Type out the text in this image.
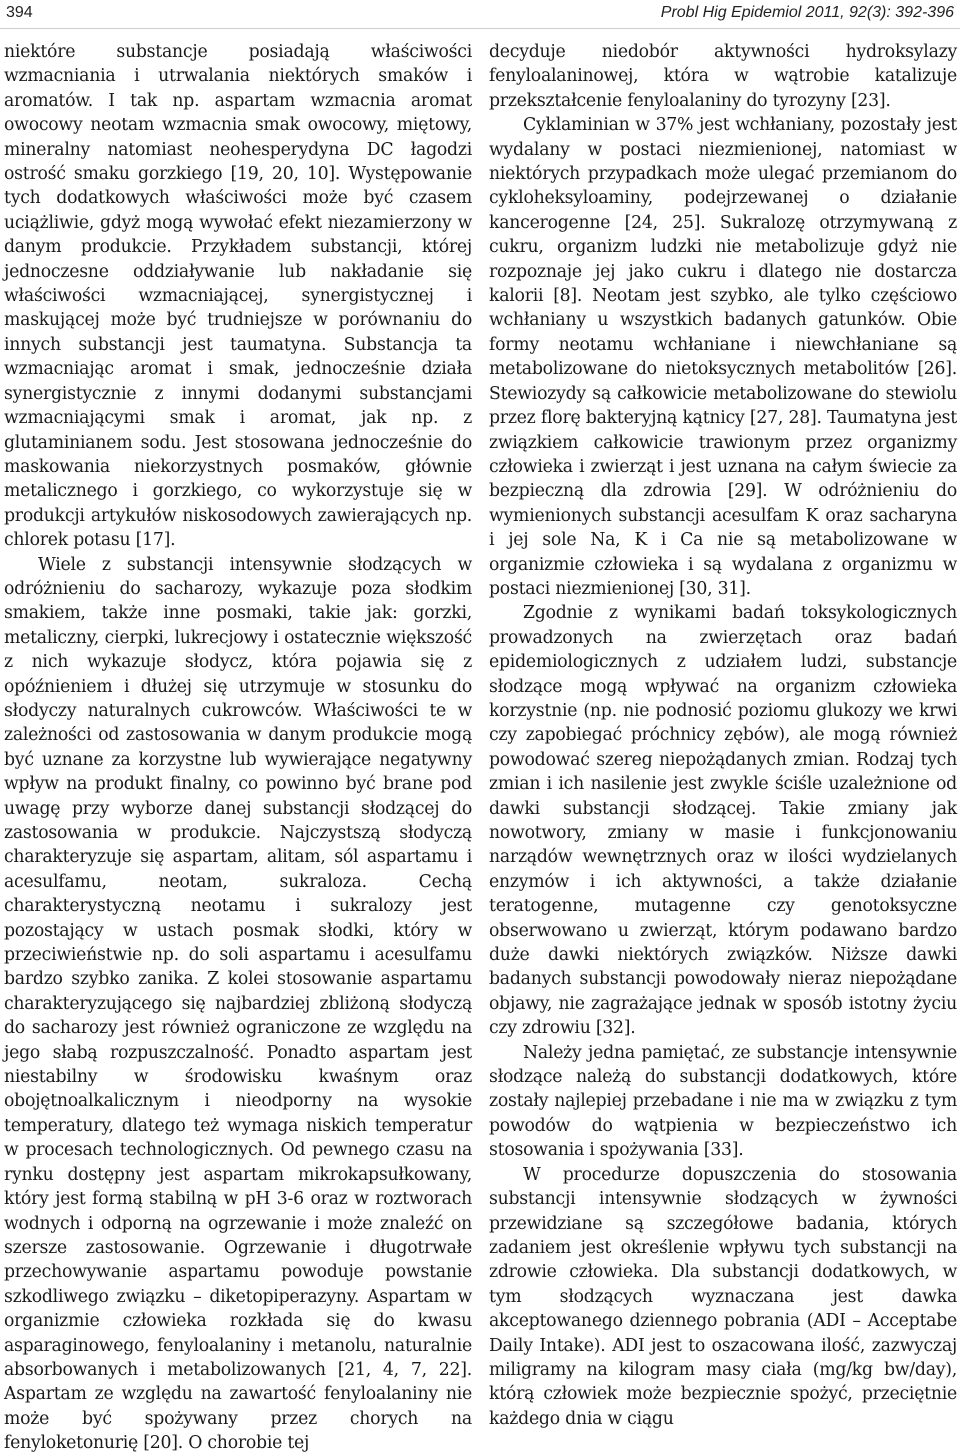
394	Probl Hig Epidemiol 2011, 92(3): 392-396

niektóre substancje posiadają właściwości wzmacniania i utrwalania niektórych smaków i aromatów. I tak np. aspartam wzmacnia aromat owocowy neotam wzmacnia smak owocowy, miętowy, mineralny natomiast neohesperydyna DC łagodzi ostrość smaku gorzkiego [19, 20, 10]. Występowanie tych dodatkowych właściwości może być czasem uciążliwie, gdyż mogą wywołać efekt niezamierzony w danym produkcie. Przykładem substancji, której jednoczesne oddziaływanie lub nakładanie się właściwości wzmacniającej, synergistycznej i maskującej może być trudniejsze w porównaniu do innych substancji jest taumatyna. Substancja ta wzmacniając aromat i smak, jednocześnie działa synergistycznie z innymi dodanymi substancjami wzmacniającymi smak i aromat, jak np. z glutaminianem sodu. Jest stosowana jednocześnie do maskowania niekorzystnych posmaków, głównie metalicznego i gorzkiego, co wykorzystuje się w produkcji artykułów niskosodowych zawierających np. chlorek potasu [17].

Wiele z substancji intensywnie słodzących w odróżnieniu do sacharozy, wykazuje poza słodkim smakiem, także inne posmaki, takie jak: gorzki, metaliczny, cierpki, lukrecjowy i ostatecznie większość z nich wykazuje słodycz, która pojawia się z opóźnieniem i dłużej się utrzymuje w stosunku do słodyczy naturalnych cukrowców. Właściwości te w zależności od zastosowania w danym produkcie mogą być uznane za korzystne lub wywierające negatywny wpływ na produkt finalny, co powinno być brane pod uwagę przy wyborze danej substancji słodzącej do zastosowania w produkcie. Najczystszą słodyczą charakteryzuje się aspartam, alitam, sól aspartamu i acesulfamu, neotam, sukraloza. Cechą charakterystyczną neotamu i sukralozy jest pozostający w ustach posmak słodki, który w przeciwieństwie np. do soli aspartamu i acesulfamu bardzo szybko zanika. Z kolei stosowanie aspartamu charakteryzującego się najbardziej zbliżoną słodyczą do sacharozy jest również ograniczone ze względu na jego słabą rozpuszczalność. Ponadto aspartam jest niestabilny w środowisku kwaśnym oraz obojętnoalkalicznym i nieodporny na wysokie temperatury, dlatego też wymaga niskich temperatur w procesach technologicznych. Od pewnego czasu na rynku dostępny jest aspartam mikrokapsułkowany, który jest formą stabilną w pH 3-6 oraz w roztworach wodnych i odporną na ogrzewanie i może znaleźć on szersze zastosowanie. Ogrzewanie i długotrwałe przechowywanie aspartamu powoduje powstanie szkodliwego związku – diketopiperazyny. Aspartam w organizmie człowieka rozkłada się do kwasu asparaginowego, fenyloalaniny i metanolu, naturalnie absorbowanych i metabolizowanych [21, 4, 7, 22]. Aspartam ze względu na zawartość fenyloalaniny nie może być spożywany przez chorych na fenyloketonurię [20]. O chorobie tej

decyduje niedobór aktywności hydroksylazy fenyloalaninowej, która w wątrobie katalizuje przekształcenie fenyloalaniny do tyrozyny [23].

Cyklaminian w 37% jest wchłaniany, pozostały jest wydalany w postaci niezmienionej, natomiast w niektórych przypadkach może ulegać przemianom do cykloheksyloaminy, podejrzewanej o działanie kancerogenne [24, 25]. Sukralozę otrzymywaną z cukru, organizm ludzki nie metabolizuje gdyż nie rozpoznaje jej jako cukru i dlatego nie dostarcza kalorii [8]. Neotam jest szybko, ale tylko częściowo wchłaniany u wszystkich badanych gatunków. Obie formy neotamu wchłaniane i niewchłaniane są metabolizowane do nietoksycznych metabolitów [26]. Stewiozydy są całkowicie metabolizowane do stewiolu przez florę bakteryjną kątnicy [27, 28]. Taumatyna jest związkiem całkowicie trawionym przez organizmy człowieka i zwierząt i jest uznana na całym świecie za bezpieczną dla zdrowia [29]. W odróżnieniu do wymienionych substancji acesulfam K oraz sacharyna i jej sole Na, K i Ca nie są metabolizowane w organizmie człowieka i są wydalana z organizmu w postaci niezmienionej [30, 31].

Zgodnie z wynikami badań toksykologicznych prowadzonych na zwierzętach oraz badań epidemiologicznych z udziałem ludzi, substancje słodzące mogą wpływać na organizm człowieka korzystnie (np. nie podnosić poziomu glukozy we krwi czy zapobiegać próchnicy zębów), ale mogą również powodować szereg niepożądanych zmian. Rodzaj tych zmian i ich nasilenie jest zwykle ściśle uzależnione od dawki substancji słodzącej. Takie zmiany jak nowotwory, zmiany w masie i funkcjonowaniu narządów wewnętrznych oraz w ilości wydzielanych enzymów i ich aktywności, a także działanie teratogenne, mutagenne czy genotoksyczne obserwowano u zwierząt, którym podawano bardzo duże dawki niektórych związków. Niższe dawki badanych substancji powodowały nieraz niepożądane objawy, nie zagrażające jednak w sposób istotny życiu czy zdrowiu [32].

Należy jedna pamiętać, ze substancje intensywnie słodzące należą do substancji dodatkowych, które zostały najlepiej przebadane i nie ma w związku z tym powodów do wątpienia w bezpieczeństwo ich stosowania i spożywania [33].

W procedurze dopuszczenia do stosowania substancji intensywnie słodzących w żywności przewidziane są szczegółowe badania, których zadaniem jest określenie wpływu tych substancji na zdrowie człowieka. Dla substancji dodatkowych, w tym słodzących wyznaczana jest dawka akceptowanego dziennego pobrania (ADI – Acceptabe Daily Intake). ADI jest to oszacowana ilość, zazwyczaj miligramy na kilogram masy ciała (mg/kg bw/day), którą człowiek może bezpiecznie spożyć, przeciętnie każdego dnia w ciągu
